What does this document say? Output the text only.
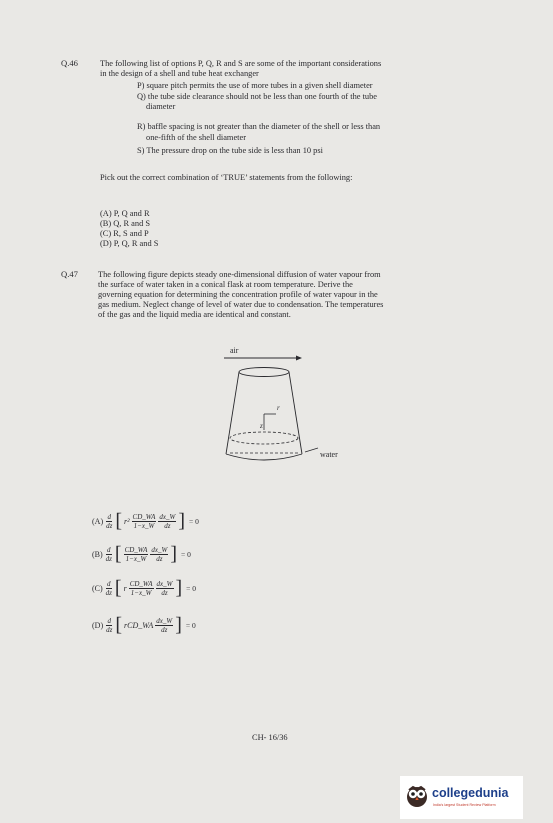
Q.46	The following list of options P, Q, R and S are some of the important considerations
in the design of a shell and tube heat exchanger
P) square pitch permits the use of more tubes in a given shell diameter
Q) the tube side clearance should not be less than one fourth of the tube
diameter
R) baffle spacing is not greater than the diameter of the shell or less than
one-fifth of the shell diameter
S) The pressure drop on the tube side is less than 10 psi
Pick out the correct combination of ‘TRUE’ statements from the following:
(A) P, Q and R
(B) Q, R and S
(C) R, S and P
(D) P, Q, R and S
Q.47 The following figure depicts steady one-dimensional diffusion of water vapour from
the surface of water taken in a conical flask at room temperature. Derive the
governing equation for determining the concentration profile of water vapour in the
gas medium. Neglect change of level of water due to condensation. The temperatures
of the gas and the liquid media are identical and constant.
air
water
r
z
$(A) \frac{d}{dz}$ [ $r^2 \frac{CD\_WA}{1-x\_W} \frac{dx\_W}{dz}$ ] = 0
$(B) \frac{d}{dz}$ [ $\frac{CD\_WA}{1-x\_W} \frac{dx\_W}{dz}$ ] = 0
$(C) \frac{d}{dz}$ [ r $\frac{CD\_WA}{1-x\_W} \frac{dx\_W}{dz}$ ] = 0
$(D) \frac{d}{dz}$ [ rCD_WA $\frac{dx\_W}{dz}$ ] = 0
CH- 16/36
collegedunia
India's largest Student Review Platform
